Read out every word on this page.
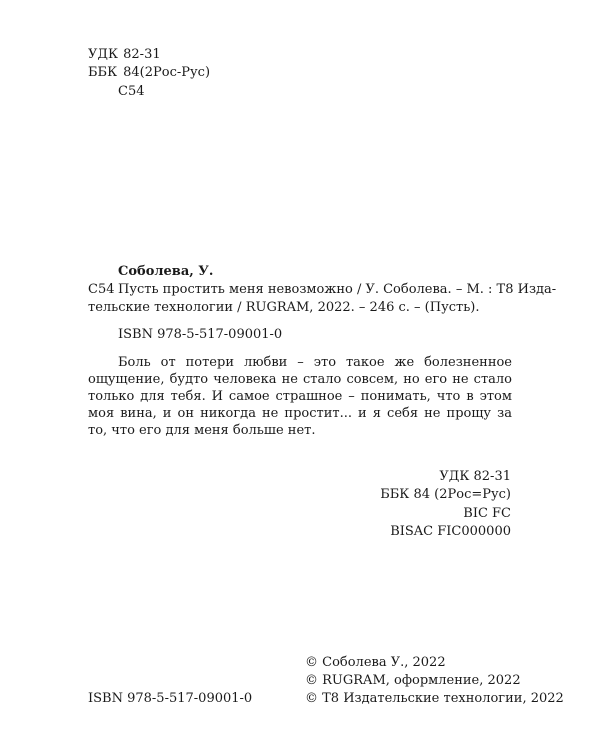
УДК 82-31
ББК 84(2Рос-Рус)
С54
Соболева, У.
С54 Пусть простить меня невозможно / У. Соболева. – М. : Т8 Изда-
тельские технологии / RUGRAM, 2022. – 246 с. – (Пусть).
ISBN 978-5-517-09001-0

Боль от потери любви – это такое же болезненное ощущение, будто человека не стало совсем, но его не стало только для тебя. И самое страшное – понимать, что в этом моя вина, и он никогда не простит... и я себя не прощу за то, что его для меня больше нет.

УДК 82-31
ББК 84 (2Рос=Рус)
BIC FC
BISAC FIC000000
© Соболева У., 2022
© RUGRAM, оформление, 2022
© Т8 Издательские технологии, 2022
ISBN 978-5-517-09001-0
